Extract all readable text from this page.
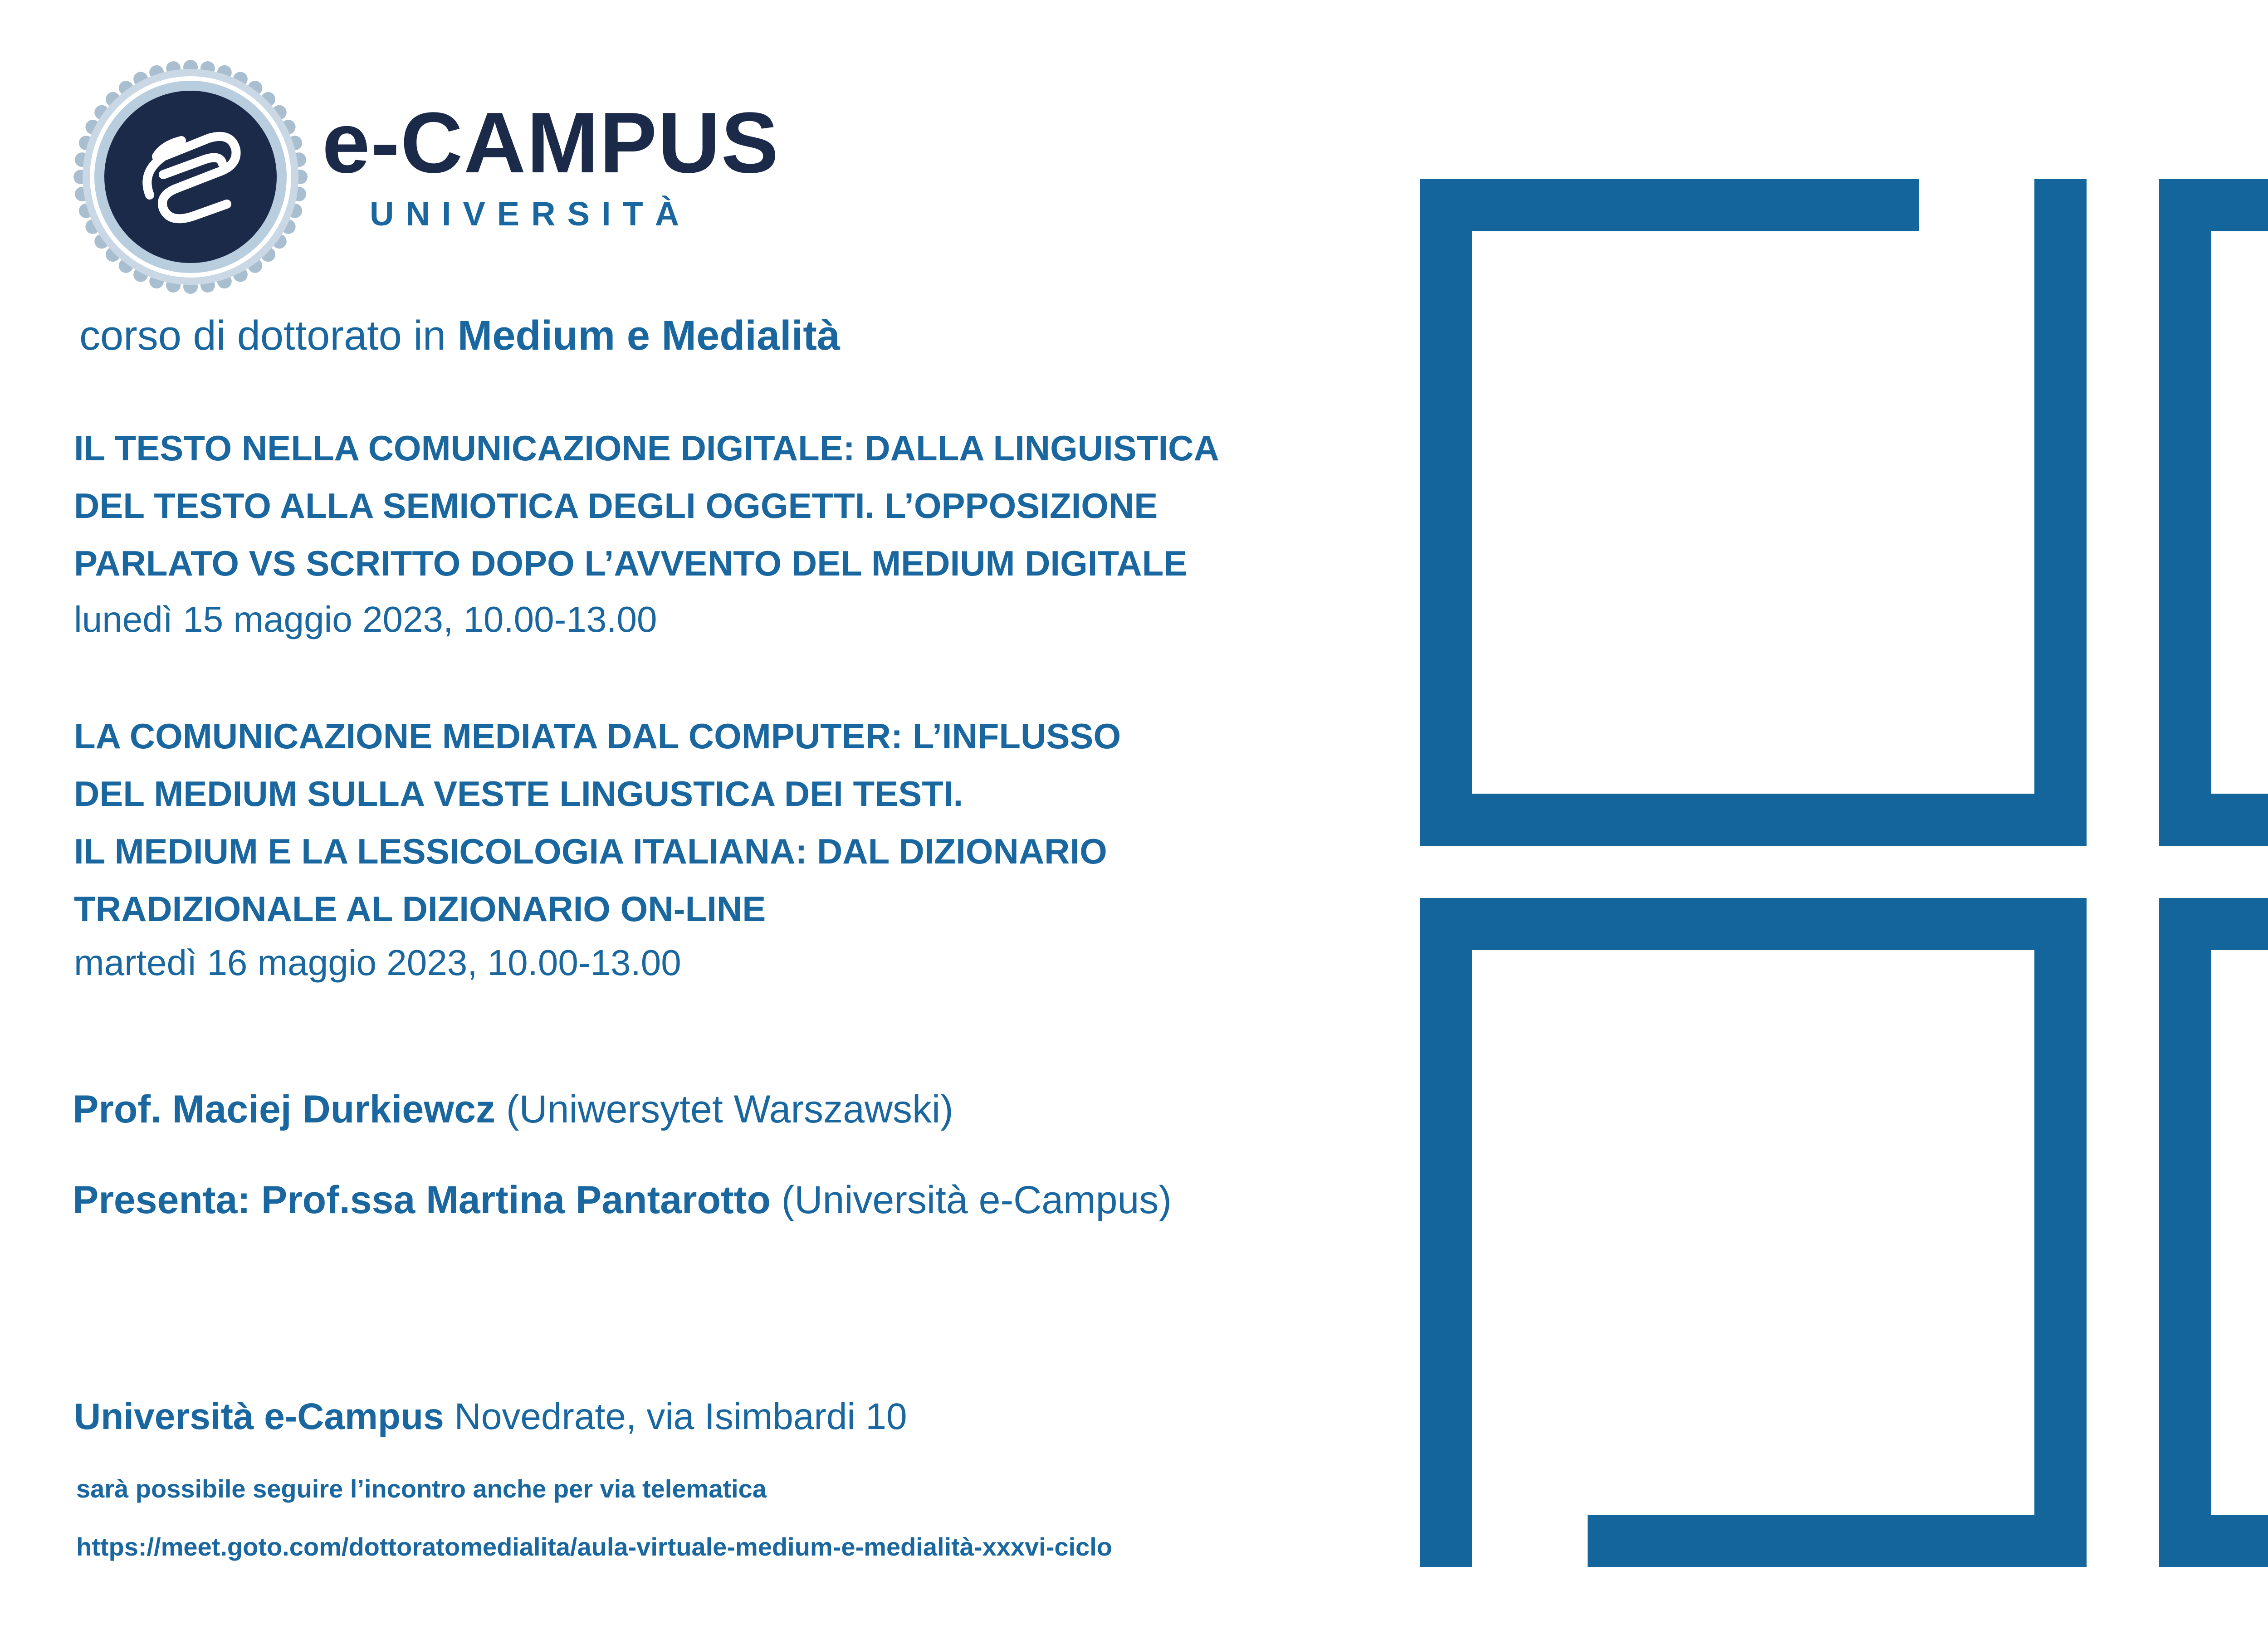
e-CAMPUS
UNIVERSITÀ
corso di dottorato in Medium e Medialità
IL TESTO NELLA COMUNICAZIONE DIGITALE: DALLA LINGUISTICA
DEL TESTO ALLA SEMIOTICA DEGLI OGGETTI. L’OPPOSIZIONE
PARLATO VS SCRITTO DOPO L’AVVENTO DEL MEDIUM DIGITALE
lunedì 15 maggio 2023, 10.00-13.00
LA COMUNICAZIONE MEDIATA DAL COMPUTER: L’INFLUSSO
DEL MEDIUM SULLA VESTE LINGUSTICA DEI TESTI.
IL MEDIUM E LA LESSICOLOGIA ITALIANA: DAL DIZIONARIO
TRADIZIONALE AL DIZIONARIO ON-LINE
martedì 16 maggio 2023, 10.00-13.00
Prof. Maciej Durkiewcz (Uniwersytet Warszawski)
Presenta: Prof.ssa Martina Pantarotto (Università e-Campus)
Università e-Campus Novedrate, via Isimbardi 10
sarà possibile seguire l’incontro anche per via telematica
https://meet.goto.com/dottoratomedialita/aula-virtuale-medium-e-medialità-xxxvi-ciclo
